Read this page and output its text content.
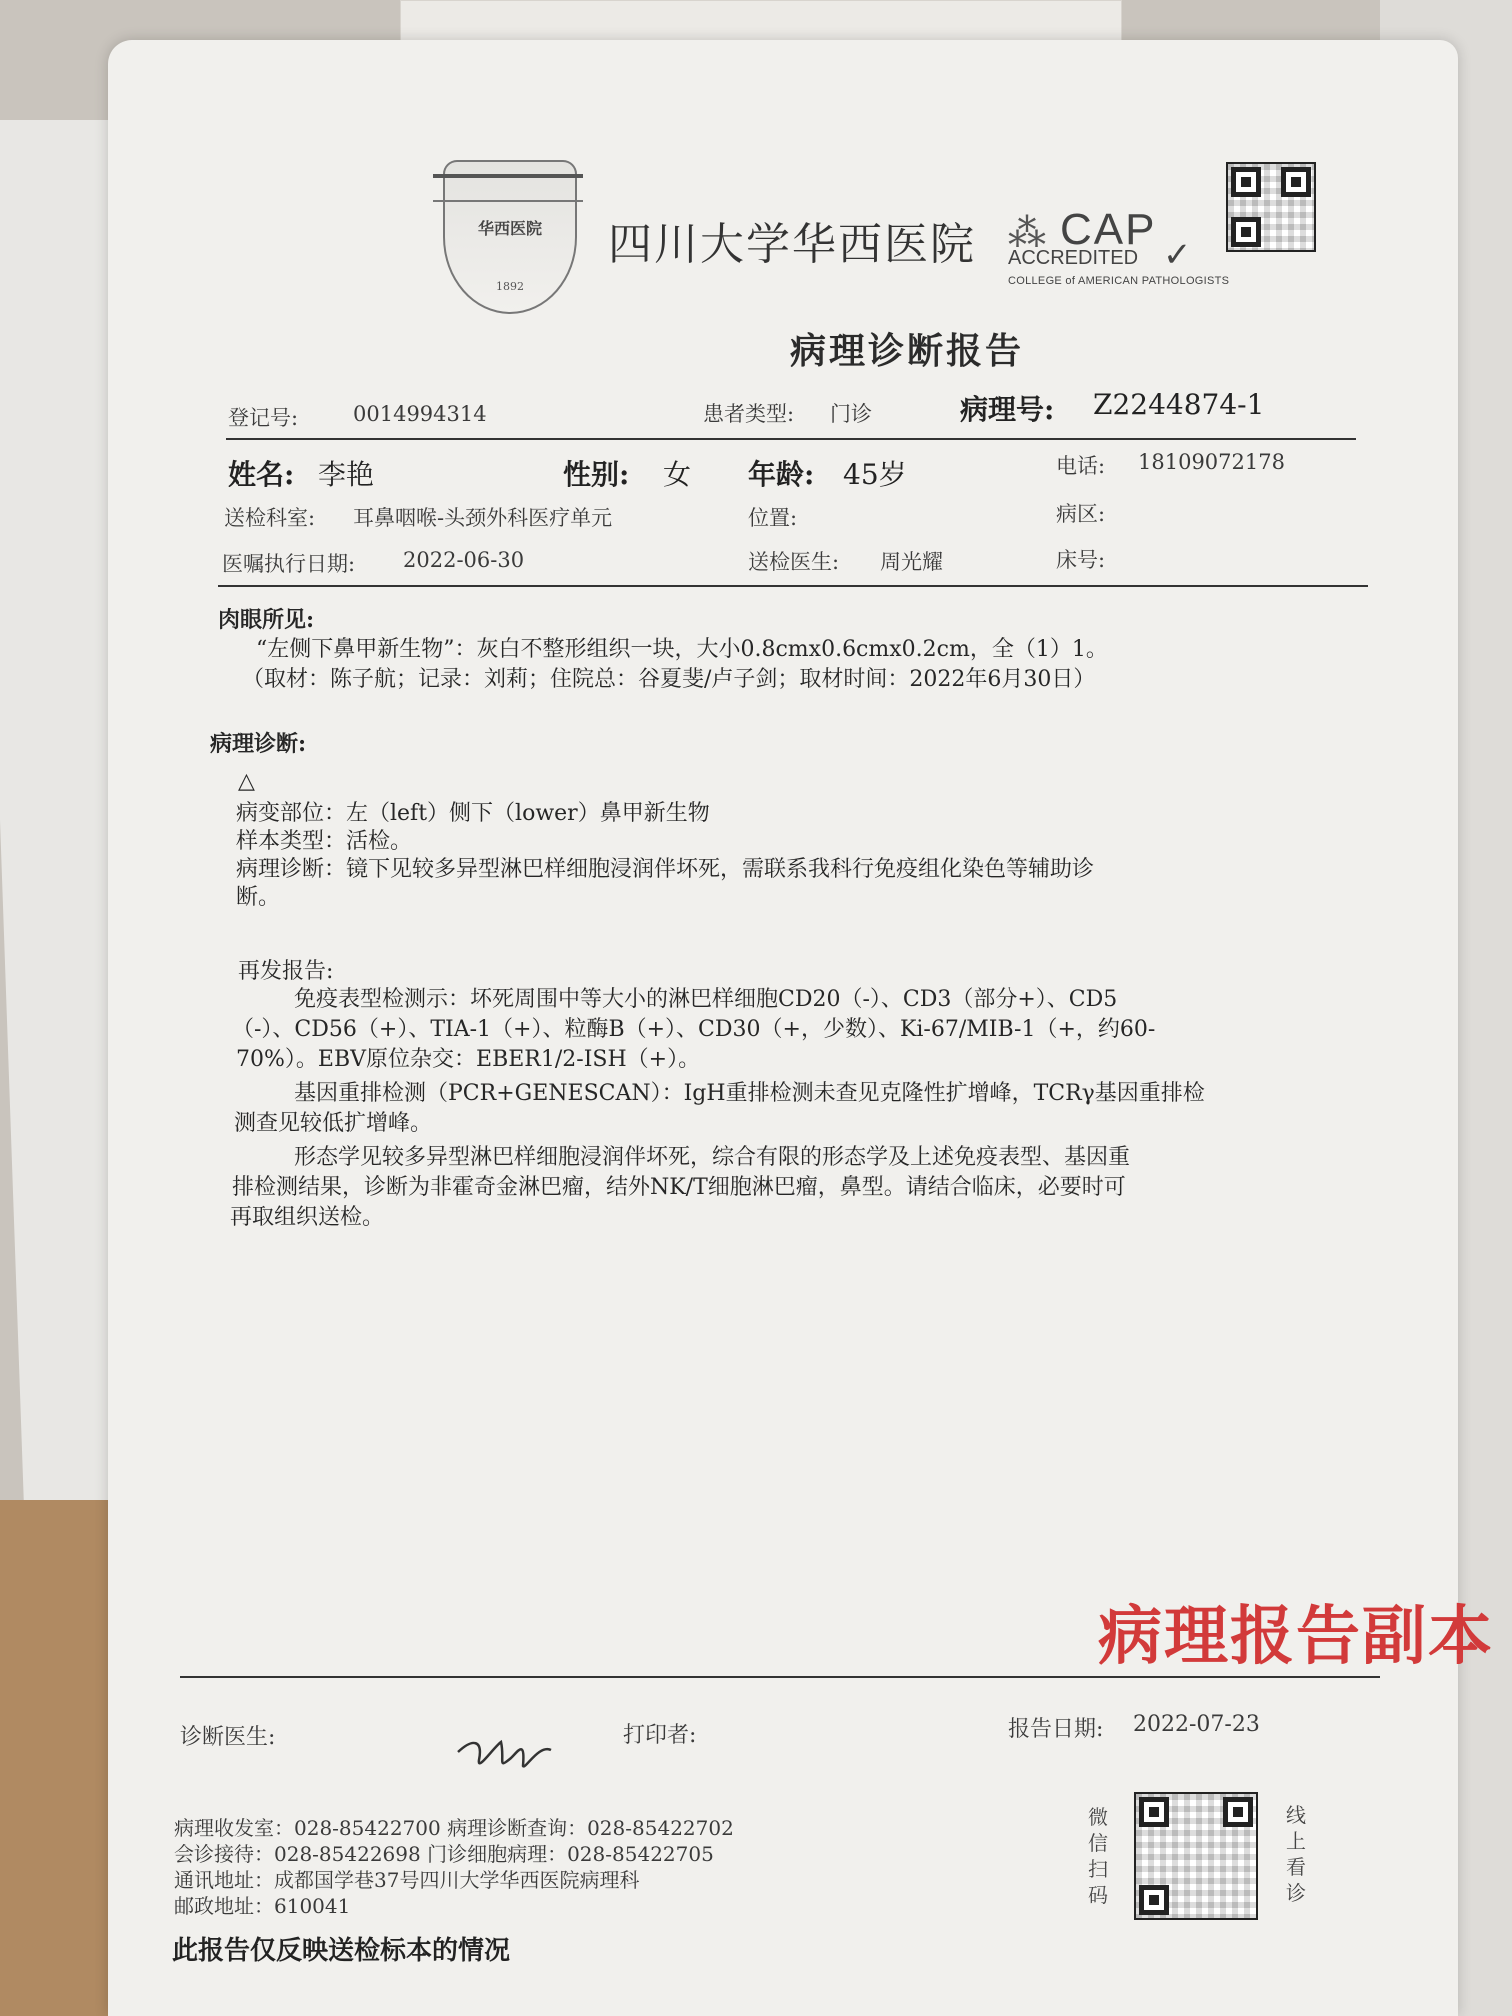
华西医院
1892
四川大学华西医院 ⁂ CAP
ACCREDITED ✓
COLLEGE of AMERICAN PATHOLOGISTS
病理诊断报告
登记号:	0014994314	患者类型: 门诊	病理号: Z2244874-1
姓名: 李艳	性别: 女 年龄: 45岁	电话: 18109072178
送检科室: 耳鼻咽喉-头颈外科医疗单元	位置:	病区:
医嘱执行日期: 2022-06-30	送检医生: 周光耀	床号:
肉眼所见:
“左侧下鼻甲新生物”：灰白不整形组织一块，大小0.8cmx0.6cmx0.2cm，全（1）1。
（取材：陈子航；记录：刘莉；住院总：谷夏斐/卢子剑；取材时间：2022年6月30日）
病理诊断:
△
病变部位：左（left）侧下（lower）鼻甲新生物
样本类型：活检。
病理诊断：镜下见较多异型淋巴样细胞浸润伴坏死，需联系我科行免疫组化染色等辅助诊
断。
再发报告:
免疫表型检测示：坏死周围中等大小的淋巴样细胞CD20（-）、CD3（部分+）、CD5
（-）、CD56（+）、TIA-1（+）、粒酶B（+）、CD30（+，少数）、Ki-67/MIB-1（+，约60-
70%）。EBV原位杂交：EBER1/2-ISH（+）。
基因重排检测（PCR+GENESCAN）：IgH重排检测未查见克隆性扩增峰，TCRγ基因重排检
测查见较低扩增峰。
形态学见较多异型淋巴样细胞浸润伴坏死，综合有限的形态学及上述免疫表型、基因重
排检测结果，诊断为非霍奇金淋巴瘤，结外NK/T细胞淋巴瘤，鼻型。请结合临床，必要时可
再取组织送检。
病理报告副本
诊断医生:	打印者:	报告日期: 2022-07-23
病理收发室：028-85422700 病理诊断查询：028-85422702
会诊接待：028-85422698 门诊细胞病理：028-85422705
通讯地址：成都国学巷37号四川大学华西医院病理科
邮政地址：610041
微信扫码
线上看诊
此报告仅反映送检标本的情况
